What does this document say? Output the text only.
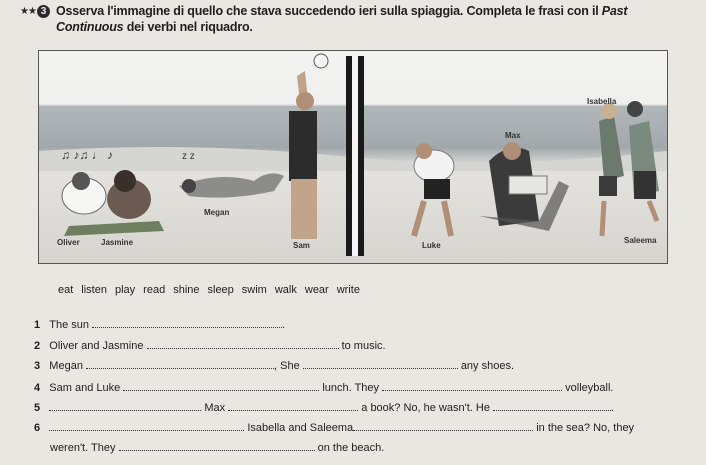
★★ 3 Osserva l'immagine di quello che stava succedendo ieri sulla spiaggia. Completa le frasi con il Past
Continuous dei verbi nel riquadro.
♫ ♪♫ ♩ ♪	z z
Isabella
Max
Megan
Oliver	Jasmine	Sam	Luke
Saleema
eat listen play read shine sleep swim walk wear write
1 The sun	.
2 Oliver and Jasmine	to music.
3 Megan	, She	any shoes.
4 Sam and Luke	lunch. They	volleyball.
5	Max	a book? No, he wasn't. He	.
6	Isabella and Saleema	in the sea? No, they
weren't. They	on the beach.
